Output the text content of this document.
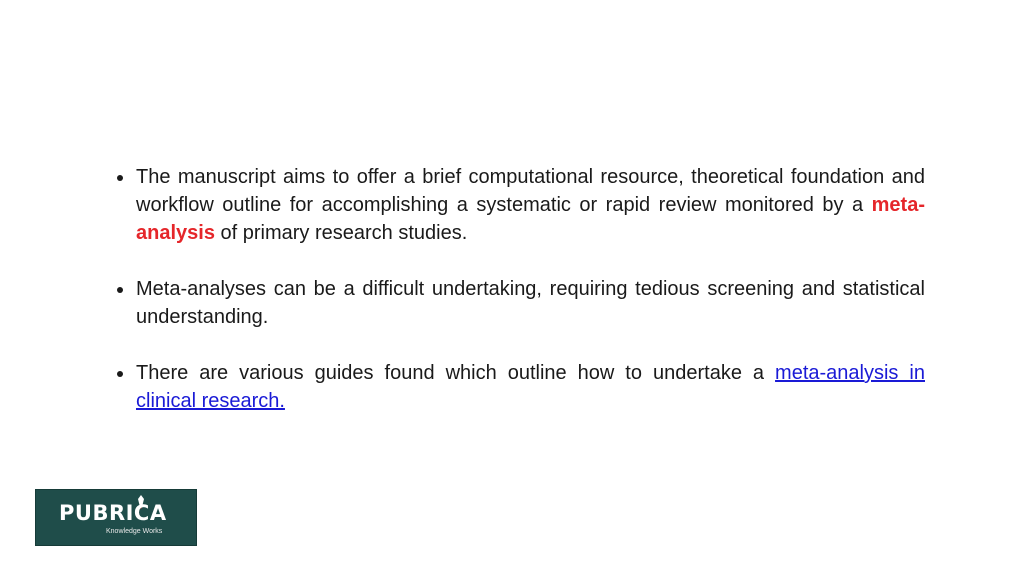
The manuscript aims to offer a brief computational resource, theoretical foundation and workflow outline for accomplishing a systematic or rapid review monitored by a meta-analysis of primary research studies.
Meta-analyses can be a difficult undertaking, requiring tedious screening and statistical understanding.
There are various guides found which outline how to undertake a meta-analysis in clinical research.
PUBRICA
Knowledge Works
